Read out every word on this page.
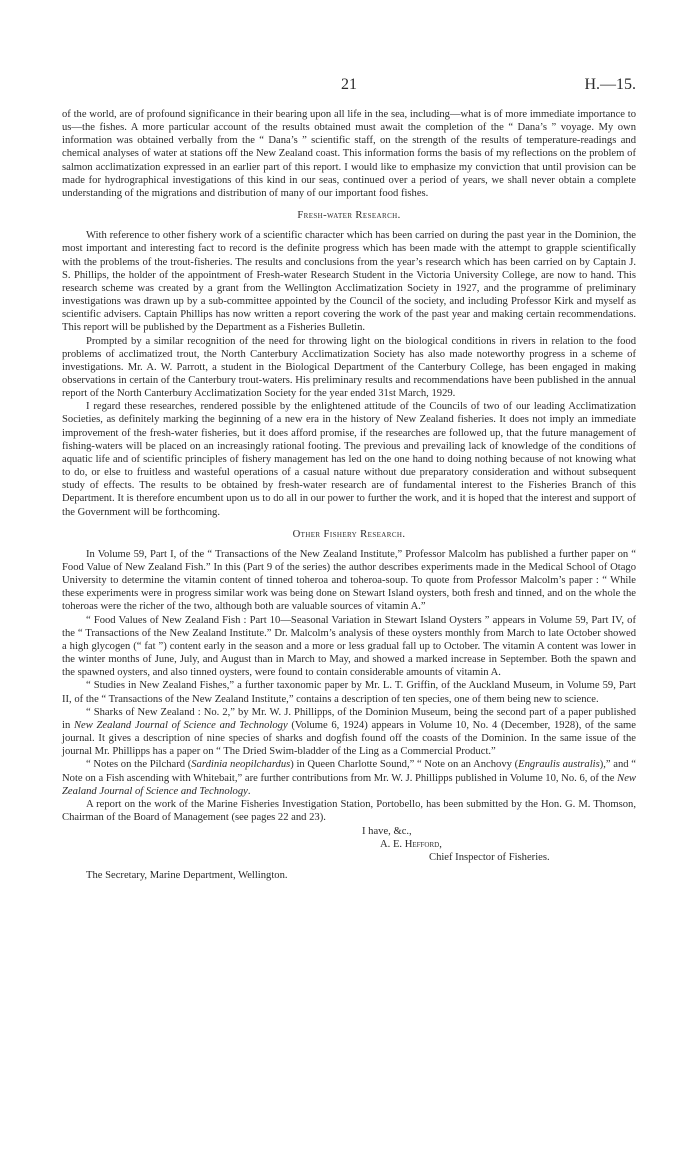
21	H.—15.

of the world, are of profound significance in their bearing upon all life in the sea, including—what is of more immediate importance to us—the fishes. A more particular account of the results obtained must await the completion of the “ Dana’s ” voyage. My own information was obtained verbally from the “ Dana’s ” scientific staff, on the strength of the results of temperature-readings and chemical analyses of water at stations off the New Zealand coast. This information forms the basis of my reflections on the problem of salmon acclimatization expressed in an earlier part of this report. I would like to emphasize my conviction that until provision can be made for hydrographical investigations of this kind in our seas, continued over a period of years, we shall never obtain a complete understanding of the migrations and distribution of many of our important food fishes.

Fresh-water Research.

With reference to other fishery work of a scientific character which has been carried on during the past year in the Dominion, the most important and interesting fact to record is the definite progress which has been made with the attempt to grapple scientifically with the problems of the trout-fisheries. The results and conclusions from the year’s research which has been carried on by Captain J. S. Phillips, the holder of the appointment of Fresh-water Research Student in the Victoria University College, are now to hand. This research scheme was created by a grant from the Wellington Acclimatization Society in 1927, and the programme of preliminary investigations was drawn up by a sub-committee appointed by the Council of the society, and including Professor Kirk and myself as scientific advisers. Captain Phillips has now written a report covering the work of the past year and making certain recommendations. This report will be published by the Department as a Fisheries Bulletin.

Prompted by a similar recognition of the need for throwing light on the biological conditions in rivers in relation to the food problems of acclimatized trout, the North Canterbury Acclimatization Society has also made noteworthy progress in a scheme of investigations. Mr. A. W. Parrott, a student in the Biological Department of the Canterbury College, has been engaged in making observations in certain of the Canterbury trout-waters. His preliminary results and recommendations have been published in the annual report of the North Canterbury Acclimatization Society for the year ended 31st March, 1929.

I regard these researches, rendered possible by the enlightened attitude of the Councils of two of our leading Acclimatization Societies, as definitely marking the beginning of a new era in the history of New Zealand fisheries. It does not imply an immediate improvement of the fresh-water fisheries, but it does afford promise, if the researches are followed up, that the future management of fishing-waters will be placed on an increasingly rational footing. The previous and prevailing lack of knowledge of the conditions of aquatic life and of scientific principles of fishery management has led on the one hand to doing nothing because of not knowing what to do, or else to fruitless and wasteful operations of a casual nature without due preparatory consideration and without subsequent study of effects. The results to be obtained by fresh-water research are of fundamental interest to the Fisheries Branch of this Department. It is therefore encumbent upon us to do all in our power to further the work, and it is hoped that the interest and support of the Government will be forthcoming.

Other Fishery Research.

In Volume 59, Part I, of the “ Transactions of the New Zealand Institute,” Professor Malcolm has published a further paper on “ Food Value of New Zealand Fish.” In this (Part 9 of the series) the author describes experiments made in the Medical School of Otago University to determine the vitamin content of tinned toheroa and toheroa-soup. To quote from Professor Malcolm’s paper : “ While these experiments were in progress similar work was being done on Stewart Island oysters, both fresh and tinned, and on the whole the toheroas were the richer of the two, although both are valuable sources of vitamin A.”

“ Food Values of New Zealand Fish : Part 10—Seasonal Variation in Stewart Island Oysters ” appears in Volume 59, Part IV, of the “ Transactions of the New Zealand Institute.” Dr. Malcolm’s analysis of these oysters monthly from March to late October showed a high glycogen (“ fat ”) content early in the season and a more or less gradual fall up to October. The vitamin A content was lower in the winter months of June, July, and August than in March to May, and showed a marked increase in September. Both the spawn and the spawned oysters, and also tinned oysters, were found to contain considerable amounts of vitamin A.

“ Studies in New Zealand Fishes,” a further taxonomic paper by Mr. L. T. Griffin, of the Auckland Museum, in Volume 59, Part II, of the “ Transactions of the New Zealand Institute,” contains a description of ten species, one of them being new to science.

“ Sharks of New Zealand : No. 2,” by Mr. W. J. Phillipps, of the Dominion Museum, being the second part of a paper published in New Zealand Journal of Science and Technology (Volume 6, 1924) appears in Volume 10, No. 4 (December, 1928), of the same journal. It gives a description of nine species of sharks and dogfish found off the coasts of the Dominion. In the same issue of the journal Mr. Phillipps has a paper on “ The Dried Swim-bladder of the Ling as a Commercial Product.”

“ Notes on the Pilchard (Sardinia neopilchardus) in Queen Charlotte Sound,” “ Note on an Anchovy (Engraulis australis),” and “ Note on a Fish ascending with Whitebait,” are further contributions from Mr. W. J. Phillipps published in Volume 10, No. 6, of the New Zealand Journal of Science and Technology.

A report on the work of the Marine Fisheries Investigation Station, Portobello, has been submitted by the Hon. G. M. Thomson, Chairman of the Board of Management (see pages 22 and 23).

I have, &c.,
A. E. Hefford,
Chief Inspector of Fisheries.
The Secretary, Marine Department, Wellington.
